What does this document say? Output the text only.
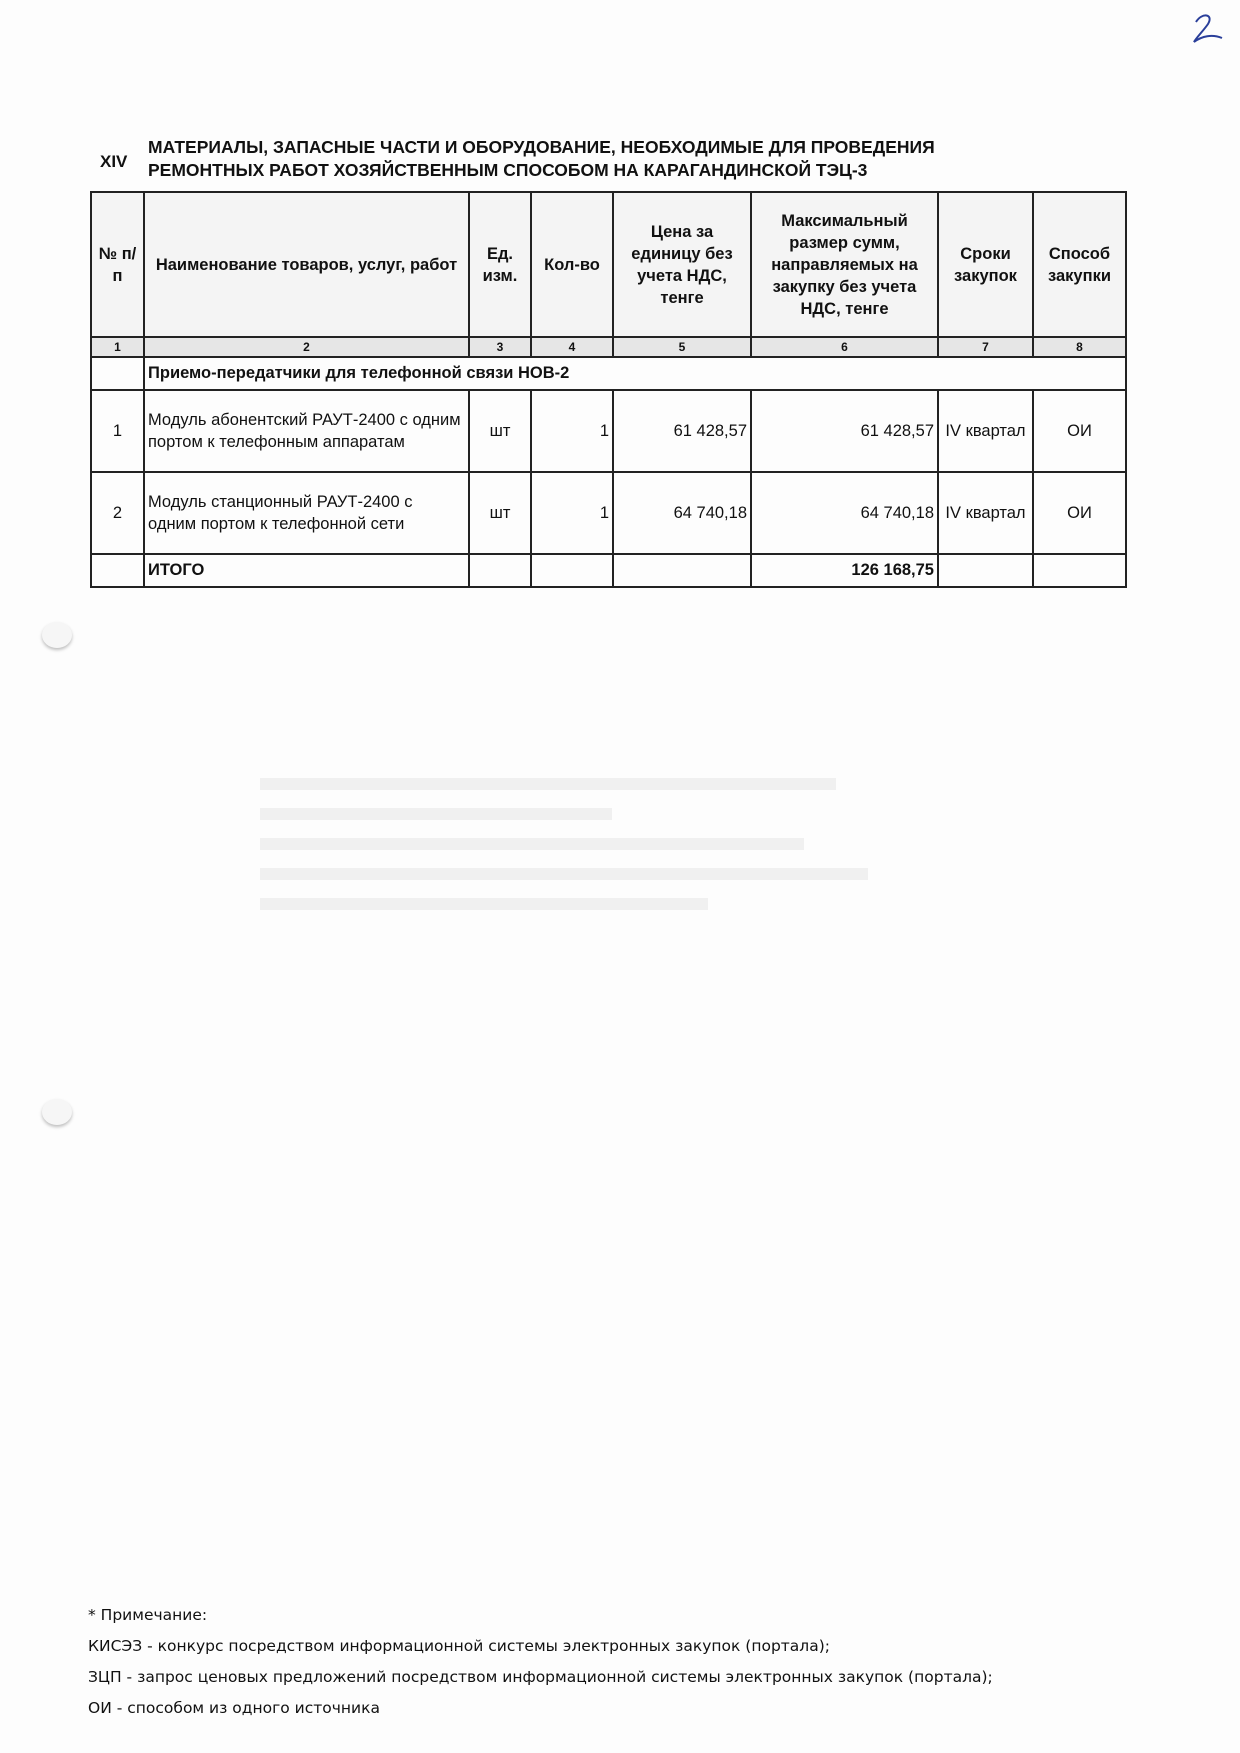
XIV
МАТЕРИАЛЫ, ЗАПАСНЫЕ ЧАСТИ И ОБОРУДОВАНИЕ, НЕОБХОДИМЫЕ ДЛЯ ПРОВЕДЕНИЯ
РЕМОНТНЫХ РАБОТ ХОЗЯЙСТВЕННЫМ СПОСОБОМ НА КАРАГАНДИНСКОЙ ТЭЦ-3
№ п/п	Наименование товаров, услуг, работ	Ед. изм.	Кол-во	Цена за единицу без учета НДС, тенге	Максимальный размер сумм, направляемых на закупку без учета НДС, тенге	Сроки закупок	Способ закупки
1	2	3	4	5	6	7	8
	Приемо-передатчики для телефонной связи НОВ-2						
1	Модуль абонентский РАУТ-2400 с одним портом к телефонным аппаратам	шт	1	61 428,57	61 428,57	IV квартал	ОИ
2	Модуль станционный РАУТ-2400 с одним портом к телефонной сети	шт	1	64 740,18	64 740,18	IV квартал	ОИ
	ИТОГО				126 168,75		
* Примечание:
КИСЭЗ - конкурс посредством информационной системы электронных закупок (портала);
ЗЦП - запрос ценовых предложений посредством информационной системы электронных закупок (портала);
ОИ - способом из одного источника
